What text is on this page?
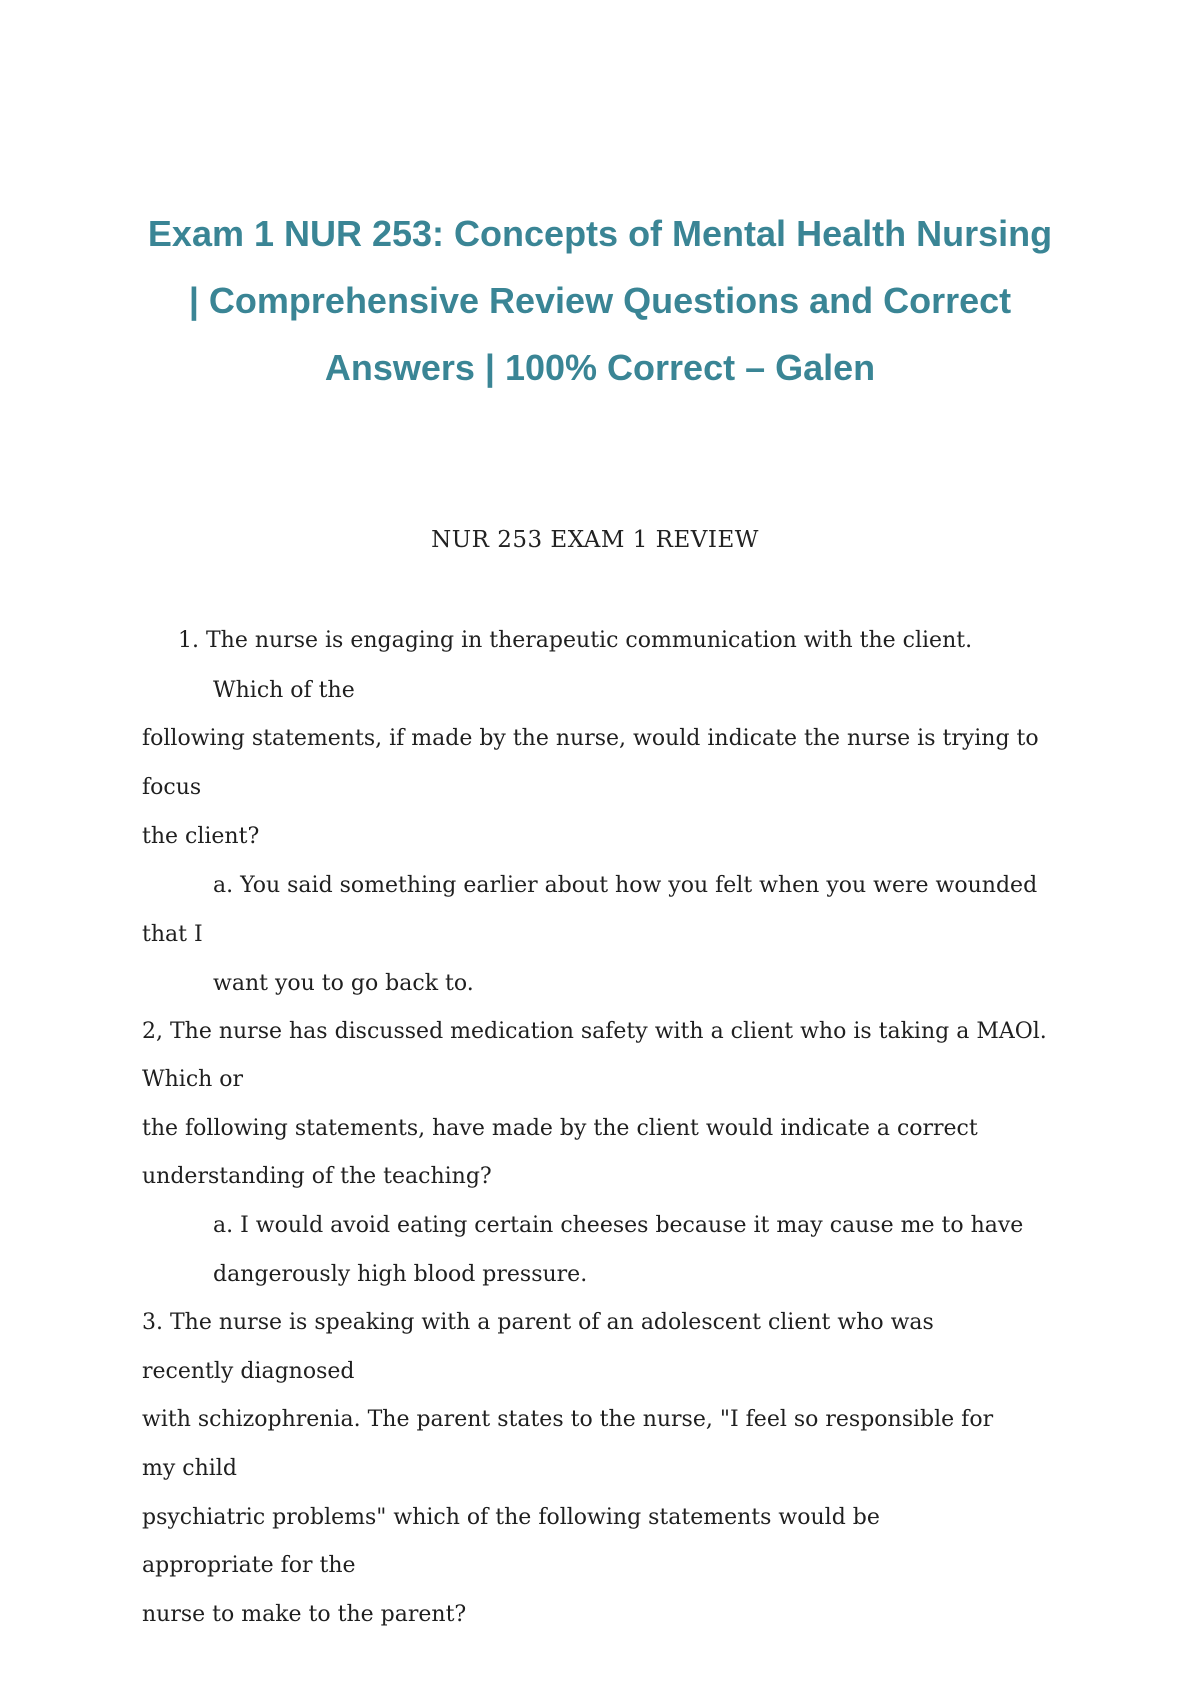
Exam 1 NUR 253: Concepts of Mental Health Nursing
| Comprehensive Review Questions and Correct
Answers | 100% Correct – Galen
NUR 253 EXAM 1 REVIEW
1. The nurse is engaging in therapeutic communication with the client.
Which of the
following statements, if made by the nurse, would indicate the nurse is trying to
focus
the client?
a. You said something earlier about how you felt when you were wounded
that I
want you to go back to.
2, The nurse has discussed medication safety with a client who is taking a MAOl.
Which or
the following statements, have made by the client would indicate a correct
understanding of the teaching?
a. I would avoid eating certain cheeses because it may cause me to have
dangerously high blood pressure.
3. The nurse is speaking with a parent of an adolescent client who was
recently diagnosed
with schizophrenia. The parent states to the nurse, "I feel so responsible for
my child
psychiatric problems" which of the following statements would be
appropriate for the
nurse to make to the parent?
